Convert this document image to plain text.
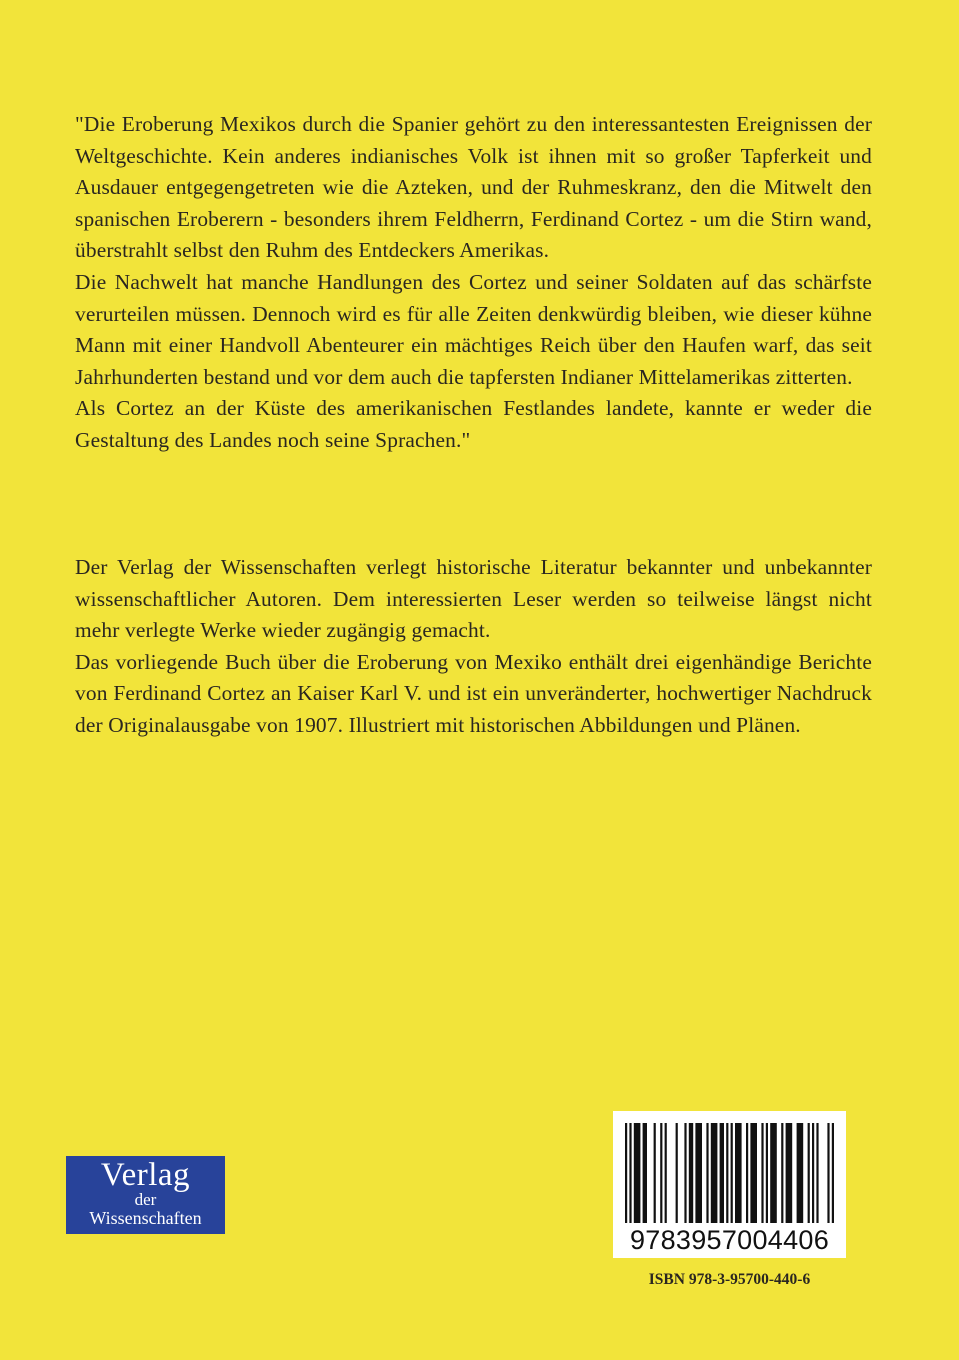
"Die Eroberung Mexikos durch die Spanier gehört zu den interessantesten Ereignissen der Weltgeschichte. Kein anderes indianisches Volk ist ihnen mit so großer Tapferkeit und Ausdauer entgegengetreten wie die Azteken, und der Ruhmeskranz, den die Mitwelt den spanischen Eroberern - besonders ihrem Feldherrn, Ferdinand Cortez - um die Stirn wand, überstrahlt selbst den Ruhm des Entdeckers Amerikas.

Die Nachwelt hat manche Handlungen des Cortez und seiner Soldaten auf das schärfste verurteilen müssen. Dennoch wird es für alle Zeiten denkwürdig bleiben, wie dieser kühne Mann mit einer Handvoll Abenteurer ein mächtiges Reich über den Haufen warf, das seit Jahrhunderten bestand und vor dem auch die tapfersten Indianer Mittelamerikas zitterten.

Als Cortez an der Küste des amerikanischen Festlandes landete, kannte er weder die Gestaltung des Landes noch seine Sprachen."

Der Verlag der Wissenschaften verlegt historische Literatur bekannter und unbekannter wissenschaftlicher Autoren. Dem interessierten Leser werden so teilweise längst nicht mehr verlegte Werke wieder zugängig gemacht.

Das vorliegende Buch über die Eroberung von Mexiko enthält drei eigenhändige Berichte von Ferdinand Cortez an Kaiser Karl V. und ist ein unveränderter, hochwertiger Nachdruck der Originalausgabe von 1907. Illustriert mit historischen Abbildungen und Plänen.

Verlag
der
Wissenschaften
9783957004406
ISBN 978-3-95700-440-6
